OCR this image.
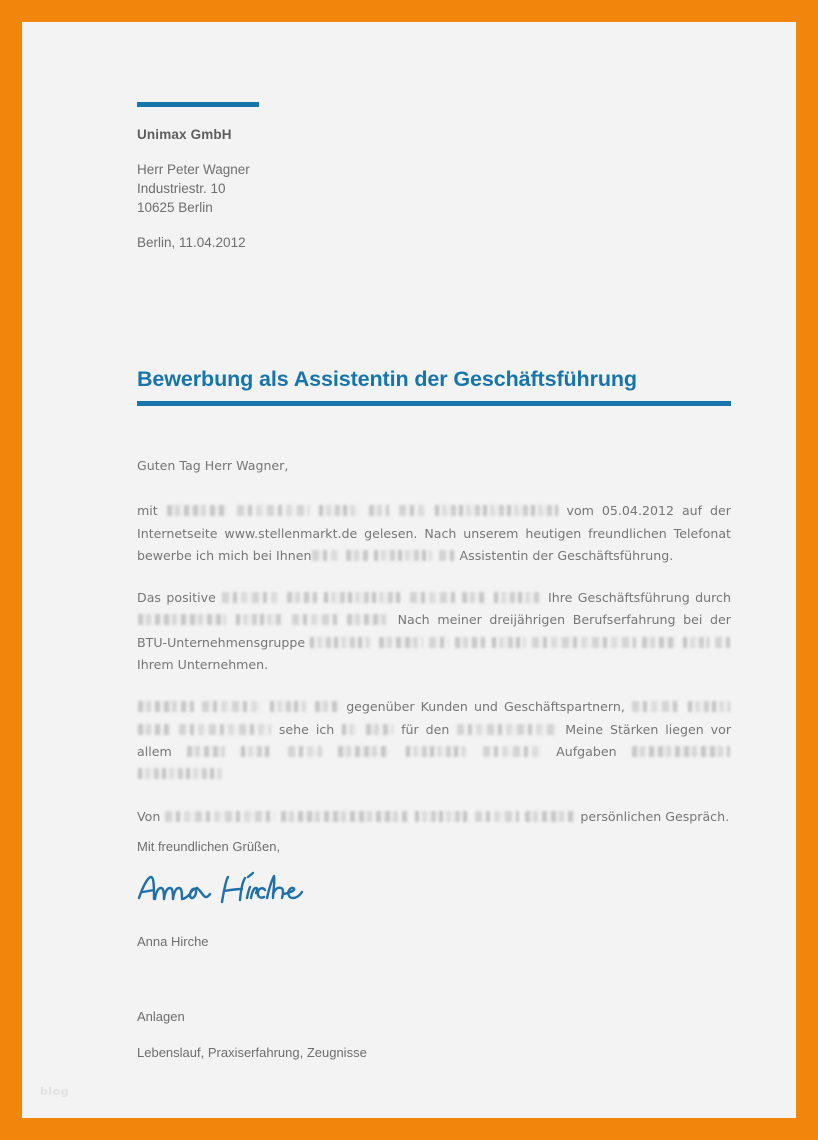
Unimax GmbH
Herr Peter Wagner
Industriestr. 10
10625 Berlin
Berlin, 11.04.2012
Bewerbung als Assistentin der Geschäftsführung

Guten Tag Herr Wagner,

mit	vom 05.04.2012 auf der Internetseite www.stellenmarkt.de gelesen. Nach unserem heutigen freundlichen Telefonat bewerbe ich mich bei Ihnen	Assistentin der Geschäftsführung.

Das positive	Ihre Geschäftsführung durch     Nach meiner dreijährigen Berufserfahrung bei der BTU-Unternehmensgruppe          Ihrem Unternehmen.

gegenüber Kunden und Geschäftspartnern,     sehe ich	für den	Meine Stärken liegen vor allem	Aufgaben

Von	persönlichen Gespräch.

Mit freundlichen Grüßen,
Anna Hirche
Anlagen
Lebenslauf, Praxiserfahrung, Zeugnisse
blog
